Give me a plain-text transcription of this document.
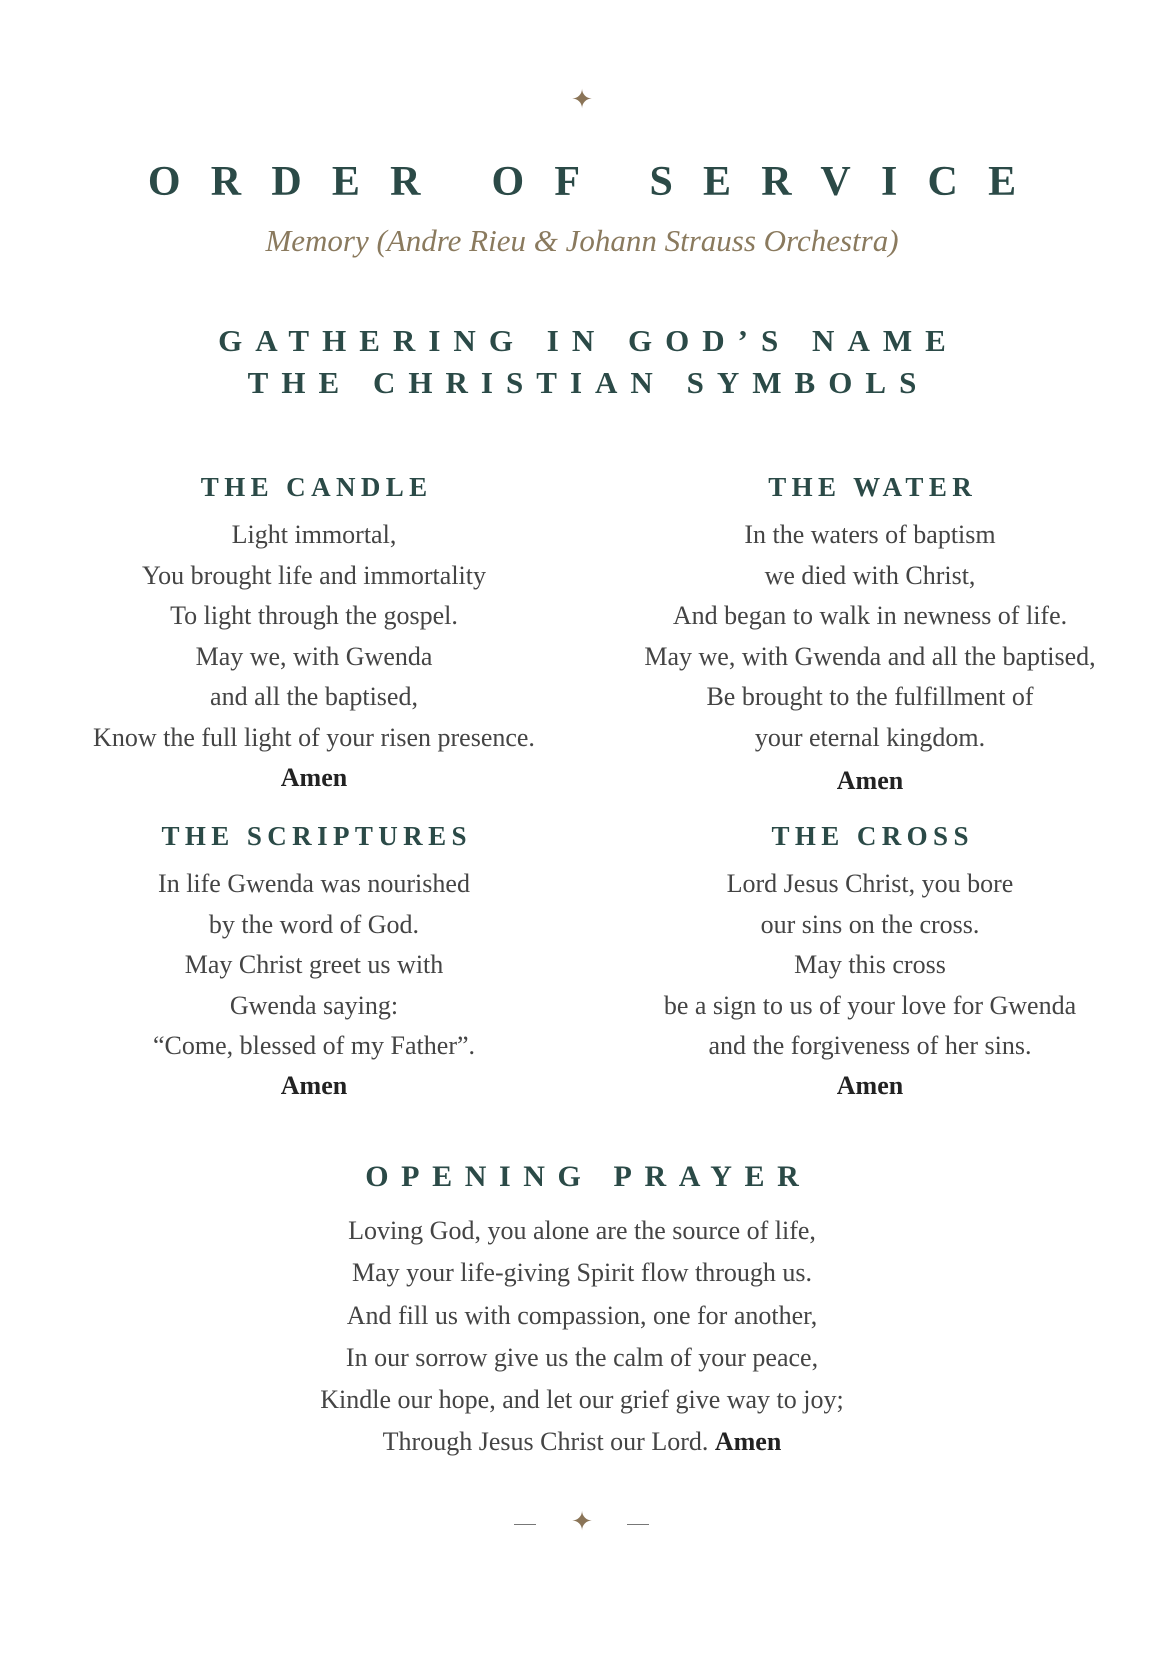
✦
ORDER OF SERVICE
Memory (Andre Rieu & Johann Strauss Orchestra)
GATHERING IN GOD’S NAME
THE CHRISTIAN SYMBOLS
THE CANDLE
Light immortal,
You brought life and immortality
To light through the gospel.
May we, with Gwenda
and all the baptised,
Know the full light of your risen presence.
Amen
THE WATER
In the waters of baptism
we died with Christ,
And began to walk in newness of life.
May we, with Gwenda and all the baptised,
Be brought to the fulfillment of
your eternal kingdom.
Amen
THE SCRIPTURES
In life Gwenda was nourished
by the word of God.
May Christ greet us with
Gwenda saying:
“Come, blessed of my Father”.
Amen
THE CROSS
Lord Jesus Christ, you bore
our sins on the cross.
May this cross
be a sign to us of your love for Gwenda
and the forgiveness of her sins.
Amen
OPENING PRAYER
Loving God, you alone are the source of life,
May your life-giving Spirit flow through us.
And fill us with compassion, one for another,
In our sorrow give us the calm of your peace,
Kindle our hope, and let our grief give way to joy;
Through Jesus Christ our Lord. Amen
✦
